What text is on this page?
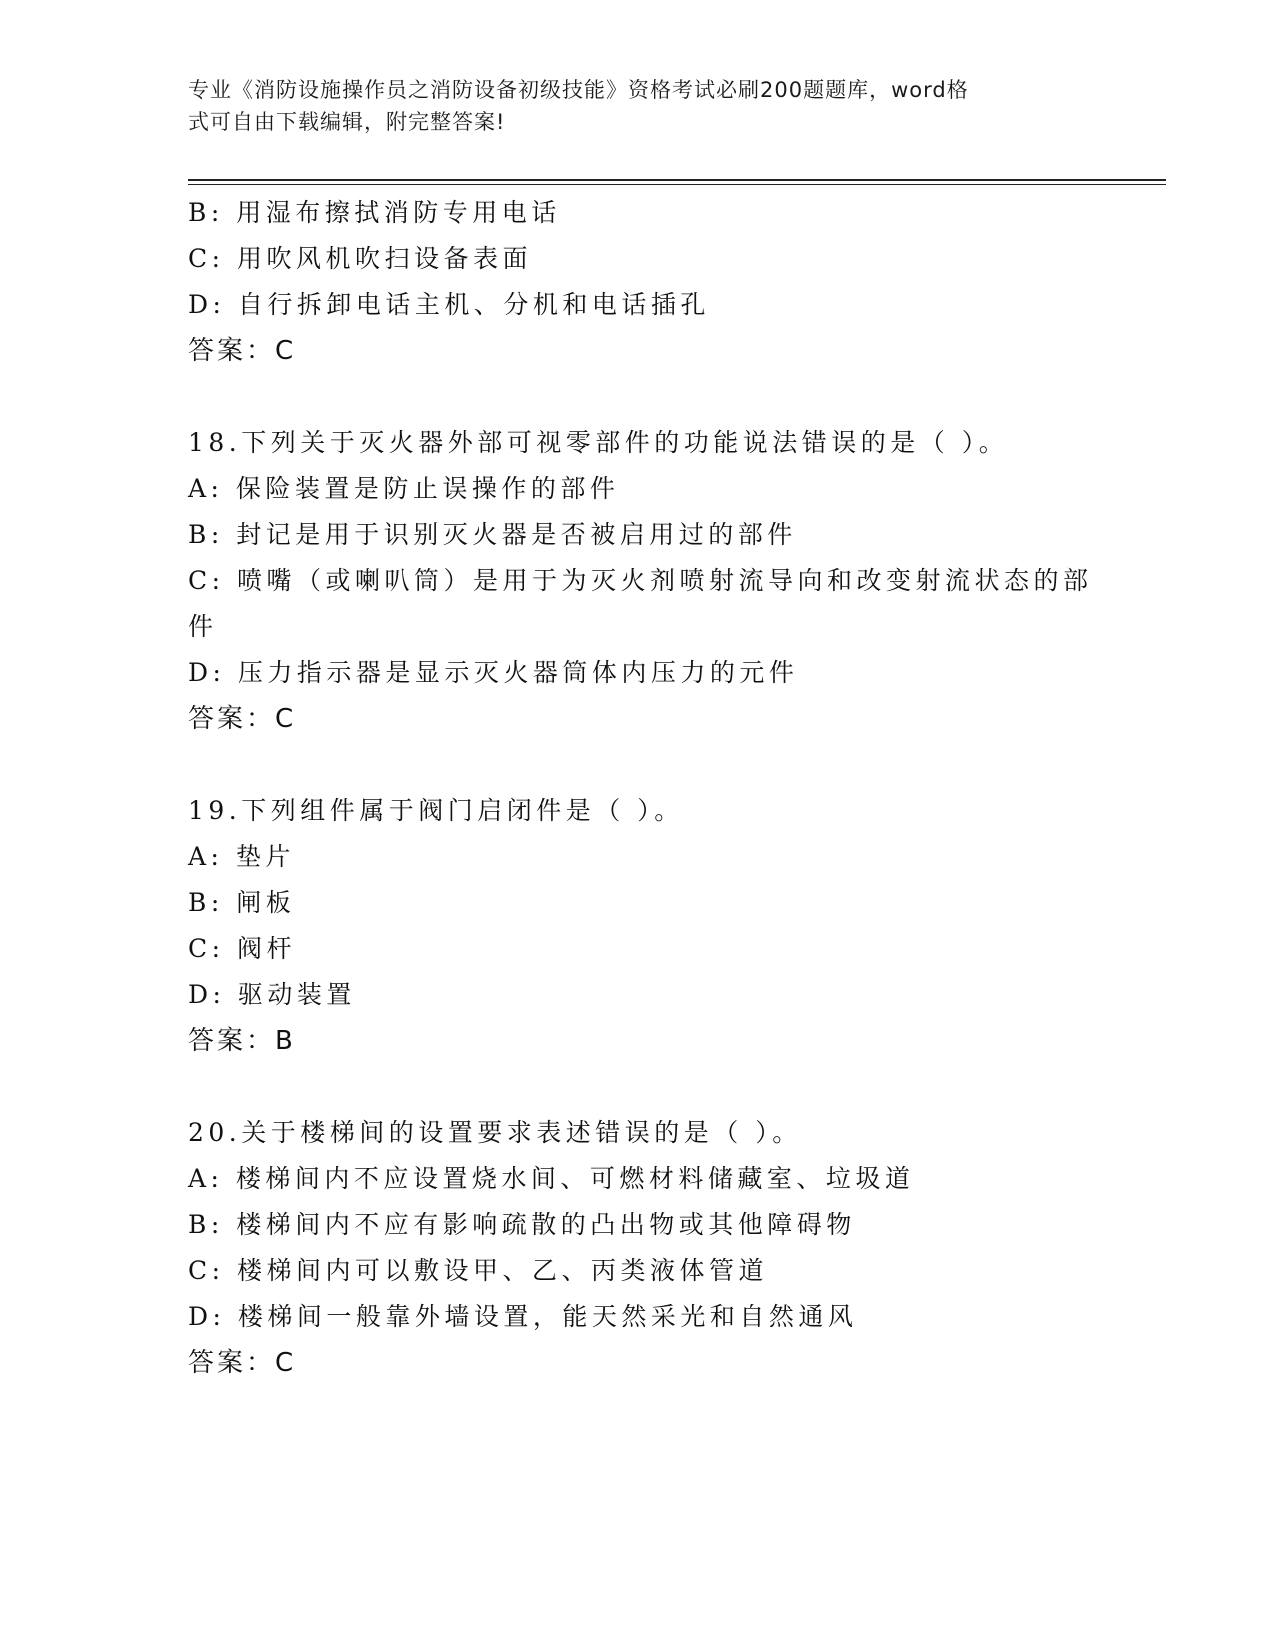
专业《消防设施操作员之消防设备初级技能》资格考试必刷200题题库，word格
式可自由下载编辑，附完整答案!
B: 用湿布擦拭消防专用电话
C: 用吹风机吹扫设备表面
D: 自行拆卸电话主机、分机和电话插孔
答案：C
18.下列关于灭火器外部可视零部件的功能说法错误的是（ ）。
A: 保险装置是防止误操作的部件
B: 封记是用于识别灭火器是否被启用过的部件
C: 喷嘴（或喇叭筒）是用于为灭火剂喷射流导向和改变射流状态的部
件
D: 压力指示器是显示灭火器筒体内压力的元件
答案：C
19.下列组件属于阀门启闭件是（ ）。
A: 垫片
B: 闸板
C: 阀杆
D: 驱动装置
答案：B
20.关于楼梯间的设置要求表述错误的是（ ）。
A: 楼梯间内不应设置烧水间、可燃材料储藏室、垃圾道
B: 楼梯间内不应有影响疏散的凸出物或其他障碍物
C: 楼梯间内可以敷设甲、乙、丙类液体管道
D: 楼梯间一般靠外墙设置，能天然采光和自然通风
答案：C
